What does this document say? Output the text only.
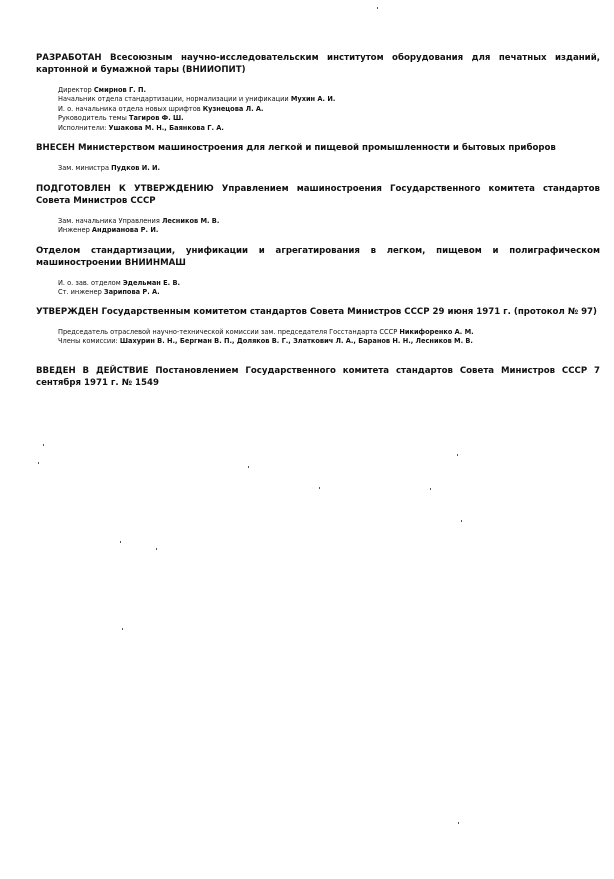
РАЗРАБОТАН Всесоюзным научно-исследовательским институтом оборудования для печатных изданий, картонной и бумажной тары (ВНИИОПИТ)
Директор Смирнов Г. П.
Начальник отдела стандартизации, нормализации и унификации Мухин А. И.
И. о. начальника отдела новых шрифтов Кузнецова Л. А.
Руководитель темы Тагиров Ф. Ш.
Исполнители: Ушакова М. Н., Баянкова Г. А.
ВНЕСЕН Министерством машиностроения для легкой и пищевой промышленности и бытовых приборов
Зам. министра Пудков И. И.
ПОДГОТОВЛЕН К УТВЕРЖДЕНИЮ Управлением машиностроения Государственного комитета стандартов Совета Министров СССР
Зам. начальника Управления Лесников М. В.
Инженер Андрианова Р. И.
Отделом стандартизации, унификации и агрегатирования в легком, пищевом и полиграфическом машиностроении ВНИИНМАШ
И. о. зав. отделом Эдельман Е. В.
Ст. инженер Зарипова Р. А.
УТВЕРЖДЕН Государственным комитетом стандартов Совета Министров СССР 29 июня 1971 г. (протокол № 97)
Председатель отраслевой научно-технической комиссии зам. председателя Госстандарта СССР Никифоренко А. М.
Члены комиссии: Шахурин В. Н., Бергман В. П., Доляков В. Г., Златкович Л. А., Баранов Н. Н., Лесников М. В.
ВВЕДЕН В ДЕЙСТВИЕ Постановлением Государственного комитета стандартов Совета Министров СССР 7 сентября 1971 г. № 1549
